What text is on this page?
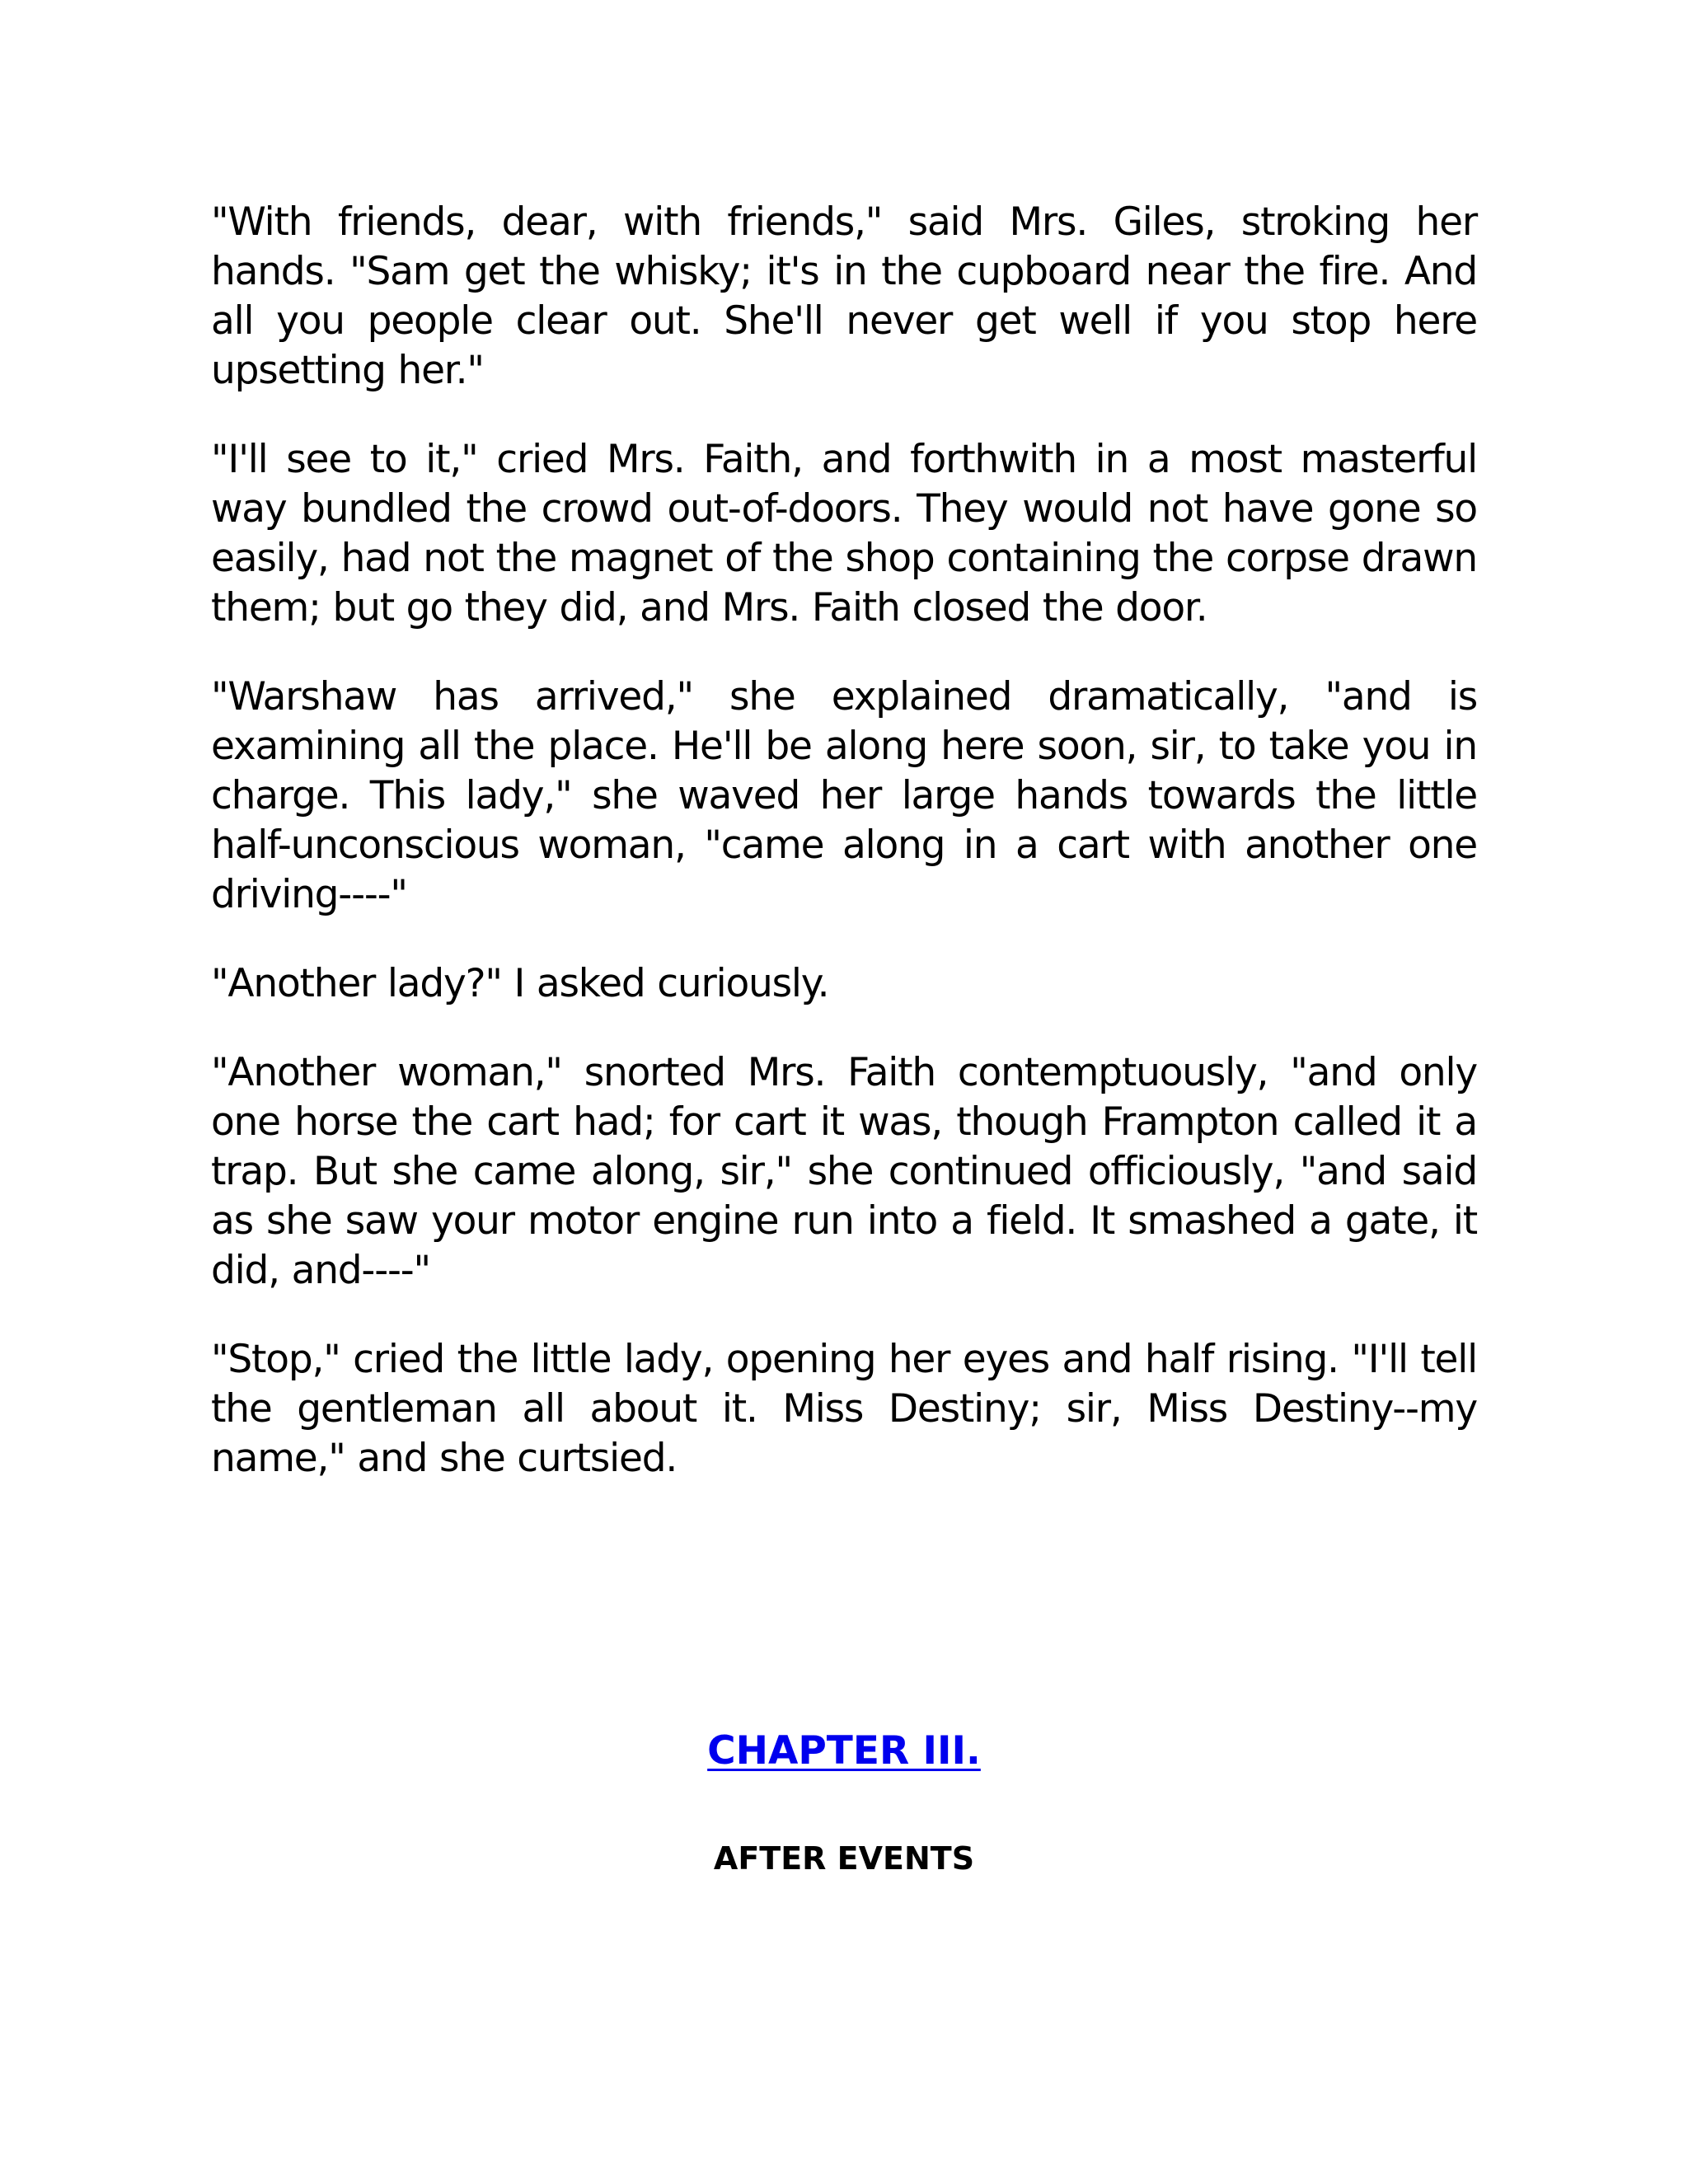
"With friends, dear, with friends," said Mrs. Giles, stroking her hands. "Sam get the whisky; it's in the cupboard near the fire. And all you people clear out. She'll never get well if you stop here upsetting her."

"I'll see to it," cried Mrs. Faith, and forthwith in a most masterful way bundled the crowd out-of-doors. They would not have gone so easily, had not the magnet of the shop containing the corpse drawn them; but go they did, and Mrs. Faith closed the door.

"Warshaw has arrived," she explained dramatically, "and is examining all the place. He'll be along here soon, sir, to take you in charge. This lady," she waved her large hands towards the little half-unconscious woman, "came along in a cart with another one driving----"

"Another lady?" I asked curiously.

"Another woman," snorted Mrs. Faith contemptuously, "and only one horse the cart had; for cart it was, though Frampton called it a trap. But she came along, sir," she continued officiously, "and said as she saw your motor engine run into a field. It smashed a gate, it did, and----"

"Stop," cried the little lady, opening her eyes and half rising. "I'll tell the gentleman all about it. Miss Destiny; sir, Miss Destiny--my name," and she curtsied.

CHAPTER III.
AFTER EVENTS
